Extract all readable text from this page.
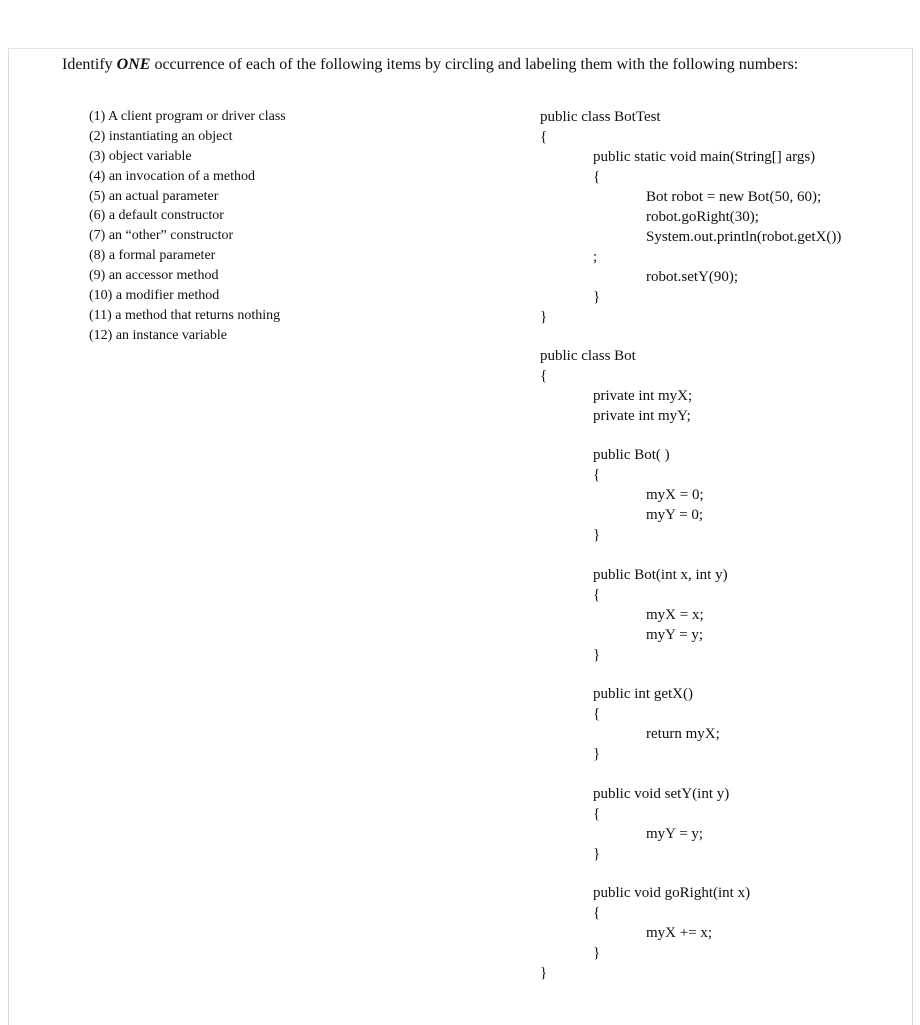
Identify ONE occurrence of each of the following items by circling and labeling them with the following numbers:
(1) A client program or driver class
(2) instantiating an object
(3) object variable
(4) an invocation of a method
(5) an actual parameter
(6) a default constructor
(7) an “other” constructor
(8) a formal parameter
(9) an accessor method
(10) a modifier method
(11) a method that returns nothing
(12) an instance variable
public class BotTest
{
public static void main(String[] args)
{
Bot robot = new Bot(50, 60);
robot.goRight(30);
System.out.println(robot.getX())
;
robot.setY(90);
}
}
public class Bot
{
private int myX;
private int myY;
public Bot( )
{
myX = 0;
myY = 0;
}
public Bot(int x, int y)
{
myX = x;
myY = y;
}
public int getX()
{
return myX;
}
public void setY(int y)
{
myY = y;
}
public void goRight(int x)
{
myX += x;
}
}
